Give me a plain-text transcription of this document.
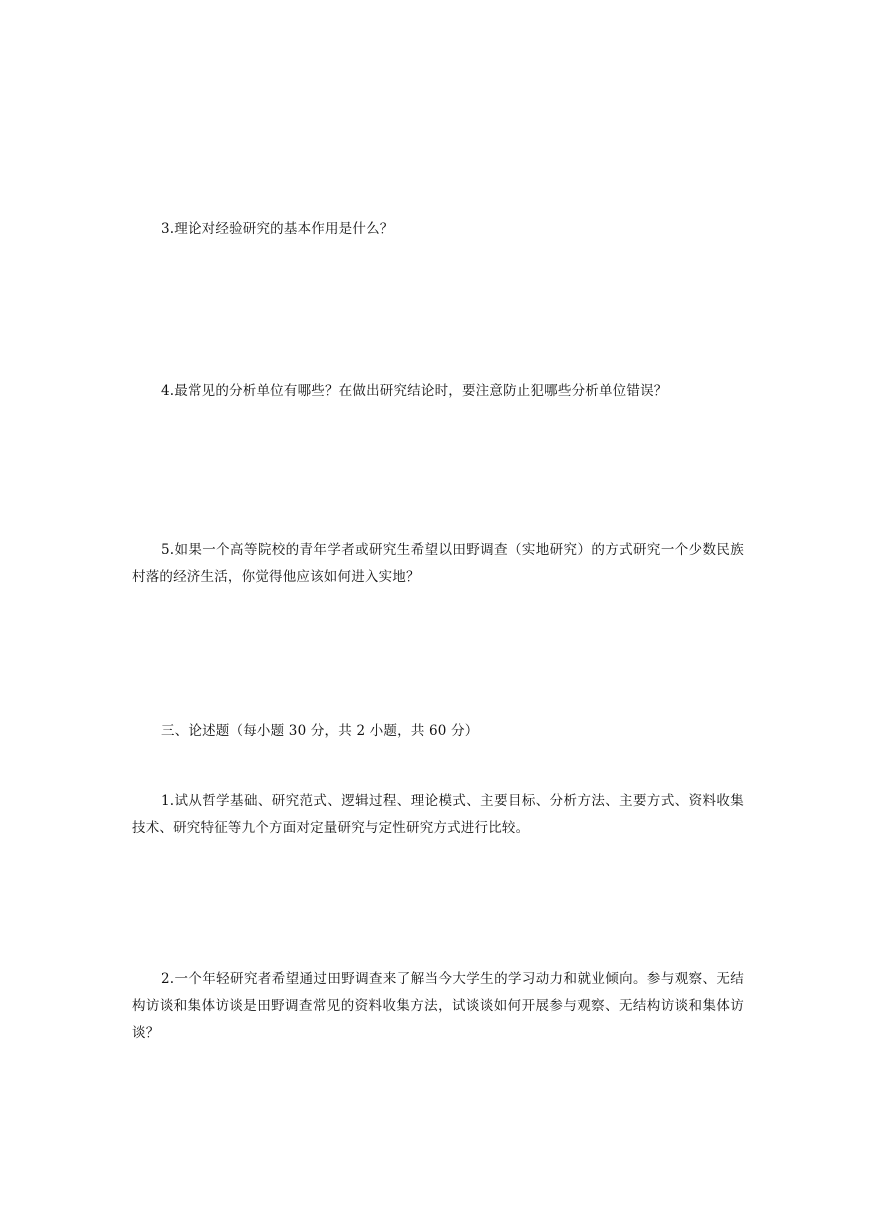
3.理论对经验研究的基本作用是什么？

4.最常见的分析单位有哪些？在做出研究结论时，要注意防止犯哪些分析单位错误？

5.如果一个高等院校的青年学者或研究生希望以田野调查（实地研究）的方式研究一个少数民族村落的经济生活，你觉得他应该如何进入实地？

三、论述题（每小题 30 分，共 2 小题，共 60 分）

1.试从哲学基础、研究范式、逻辑过程、理论模式、主要目标、分析方法、主要方式、资料收集技术、研究特征等九个方面对定量研究与定性研究方式进行比较。

2.一个年轻研究者希望通过田野调查来了解当今大学生的学习动力和就业倾向。参与观察、无结构访谈和集体访谈是田野调查常见的资料收集方法，试谈谈如何开展参与观察、无结构访谈和集体访谈？
